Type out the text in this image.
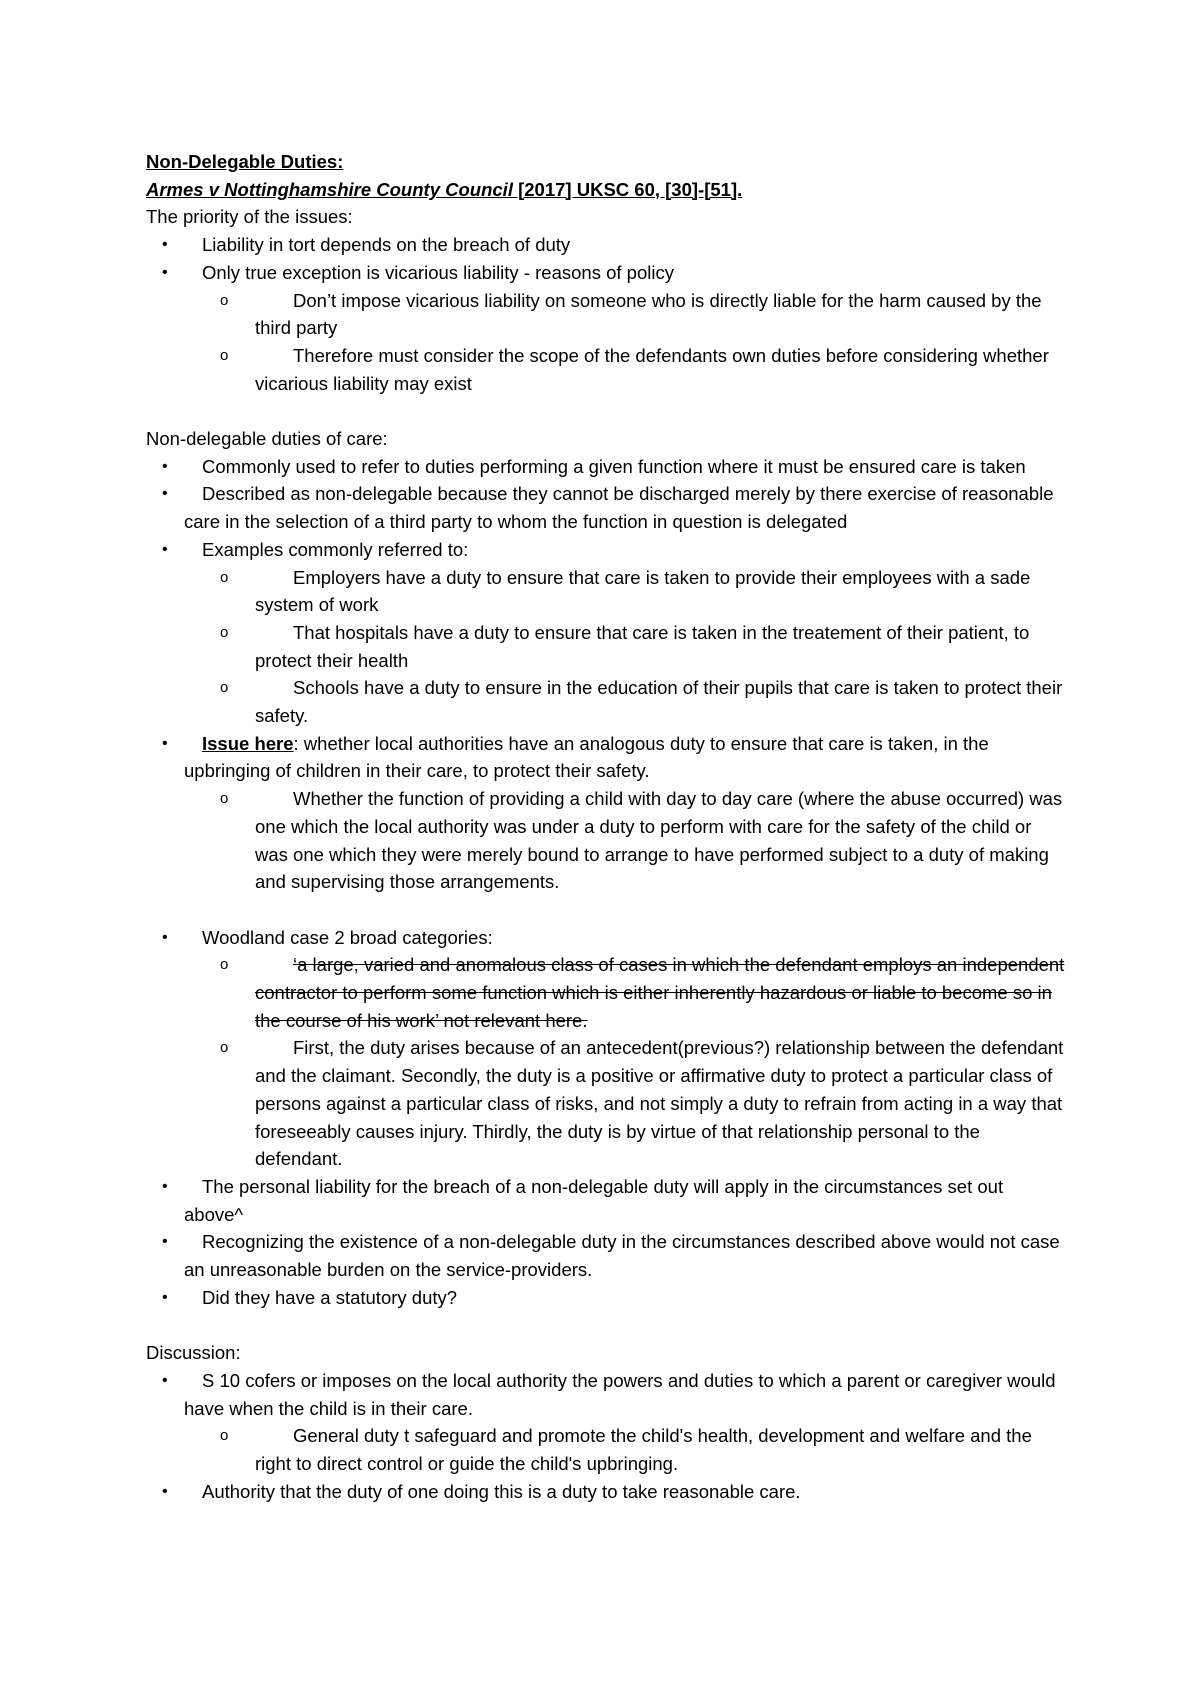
Non-Delegable Duties:
Armes v Nottinghamshire County Council [2017] UKSC 60, [30]-[51].
The priority of the issues:
•	Liability in tort depends on the breach of duty
•	Only true exception is vicarious liability - reasons of policy
o	Don’t impose vicarious liability on someone who is directly liable for the harm caused by the third party
o	Therefore must consider the scope of the defendants own duties before considering whether vicarious liability may exist
Non-delegable duties of care:
•	Commonly used to refer to duties performing a given function where it must be ensured care is taken
•	Described as non-delegable because they cannot be discharged merely by there exercise of reasonable care in the selection of a third party to whom the function in question is delegated
•	Examples commonly referred to:
o	Employers have a duty to ensure that care is taken to provide their employees with a sade system of work
o	That hospitals have a duty to ensure that care is taken in the treatement of their patient, to protect their health
o	Schools have a duty to ensure in the education of their pupils that care is taken to protect their safety.
•	Issue here: whether local authorities have an analogous duty to ensure that care is taken, in the upbringing of children in their care, to protect their safety.
o	Whether the function of providing a child with day to day care (where the abuse occurred) was one which the local authority was under a duty to perform with care for the safety of the child or was one which they were merely bound to arrange to have performed subject to a duty of making and supervising those arrangements.
•	Woodland case 2 broad categories:
o	‘a large, varied and anomalous class of cases in which the defendant employs an independent contractor to perform some function which is either inherently hazardous or liable to become so in the course of his work’ not relevant here.
o	First, the duty arises because of an antecedent(previous?) relationship between the defendant and the claimant. Secondly, the duty is a positive or affirmative duty to protect a particular class of persons against a particular class of risks, and not simply a duty to refrain from acting in a way that foreseeably causes injury. Thirdly, the duty is by virtue of that relationship personal to the defendant.
•	The personal liability for the breach of a non-delegable duty will apply in the circumstances set out above^
•	Recognizing the existence of a non-delegable duty in the circumstances described above would not case an unreasonable burden on the service-providers.
•	Did they have a statutory duty?
Discussion:
•	S 10 cofers or imposes on the local authority the powers and duties to which a parent or caregiver would have when the child is in their care.
o	General duty t safeguard and promote the child's health, development and welfare and the right to direct control or guide the child's upbringing.
•	Authority that the duty of one doing this is a duty to take reasonable care.
